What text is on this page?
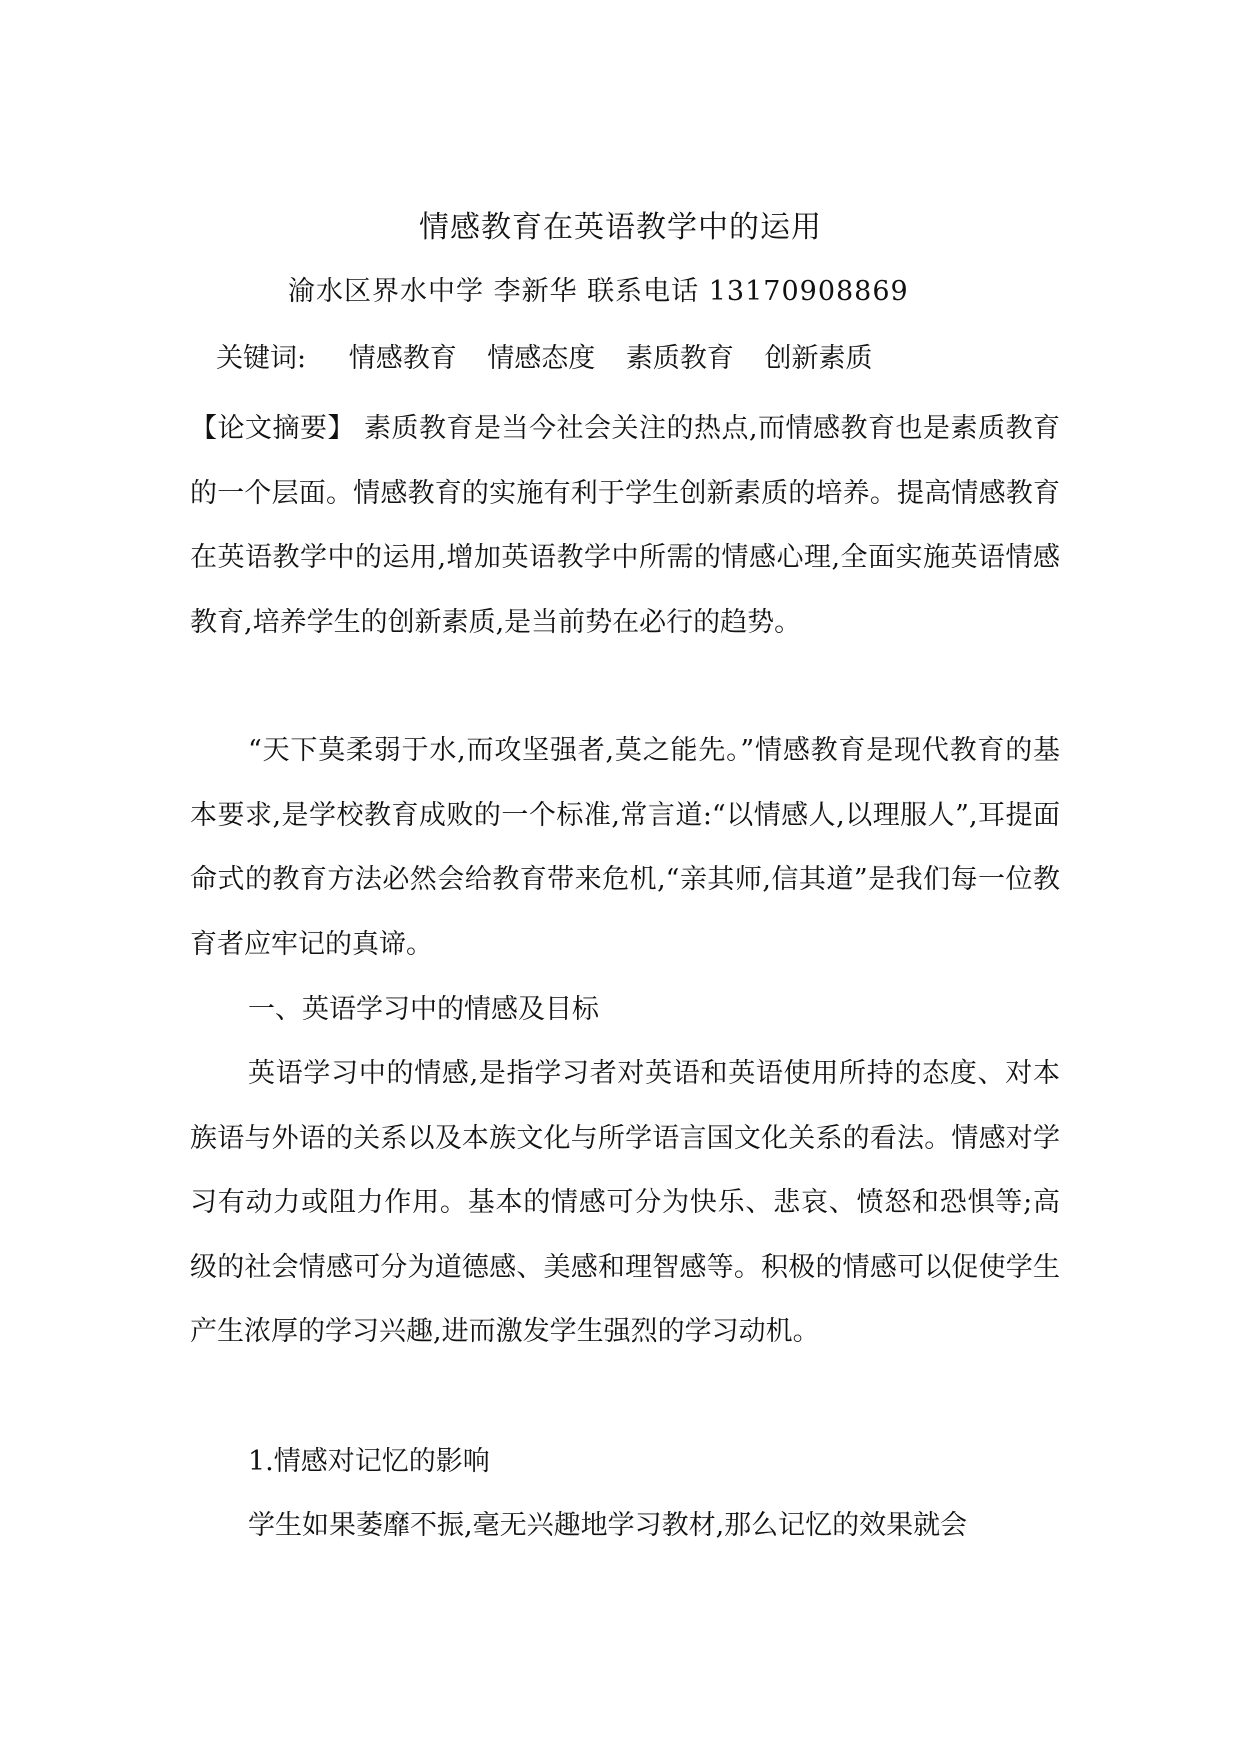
情感教育在英语教学中的运用
渝水区界水中学 李新华 联系电话 13170908869
关键词: 情感教育 情感态度 素质教育 创新素质
【论文摘要】 素质教育是当今社会关注的热点,而情感教育也是素质教育的一个层面。情感教育的实施有利于学生创新素质的培养。提高情感教育在英语教学中的运用,增加英语教学中所需的情感心理,全面实施英语情感教育,培养学生的创新素质,是当前势在必行的趋势。
“天下莫柔弱于水,而攻坚强者,莫之能先。”情感教育是现代教育的基本要求,是学校教育成败的一个标准,常言道:“以情感人,以理服人”,耳提面命式的教育方法必然会给教育带来危机,“亲其师,信其道”是我们每一位教育者应牢记的真谛。
一、英语学习中的情感及目标
英语学习中的情感,是指学习者对英语和英语使用所持的态度、对本族语与外语的关系以及本族文化与所学语言国文化关系的看法。情感对学习有动力或阻力作用。基本的情感可分为快乐、悲哀、愤怒和恐惧等;高级的社会情感可分为道德感、美感和理智感等。积极的情感可以促使学生产生浓厚的学习兴趣,进而激发学生强烈的学习动机。
1.情感对记忆的影响
学生如果萎靡不振,毫无兴趣地学习教材,那么记忆的效果就会
